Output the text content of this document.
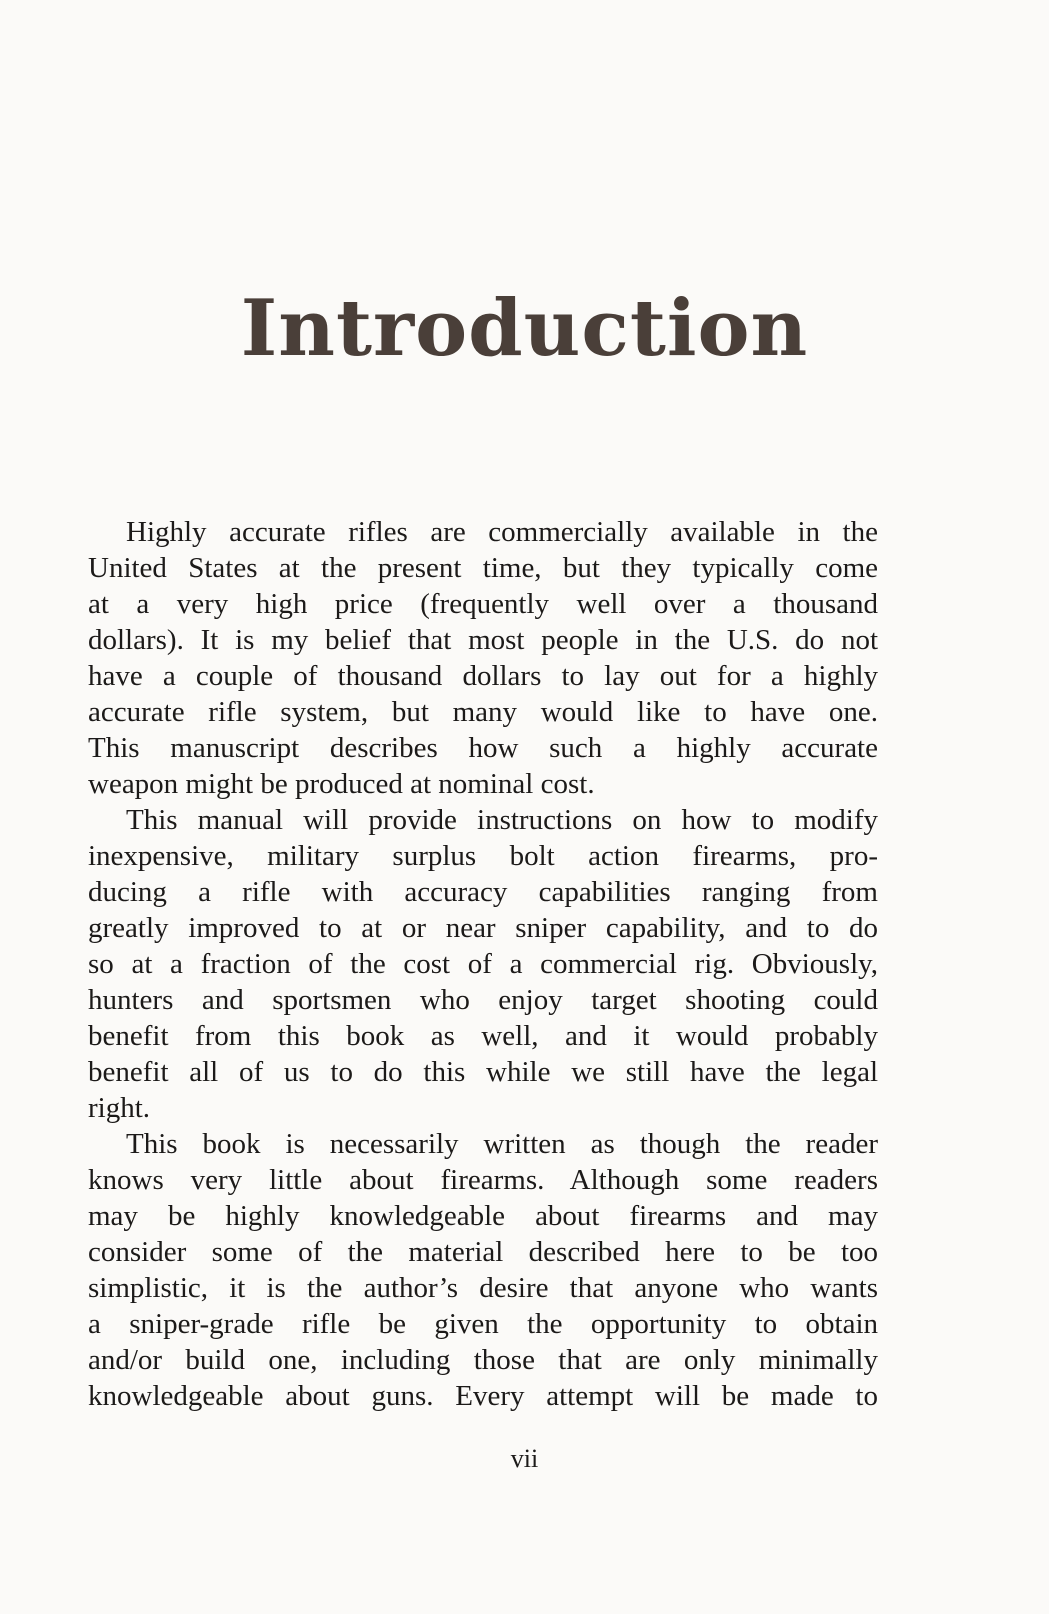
Introduction
Highly accurate rifles are commercially available in the
United States at the present time, but they typically come
at a very high price (frequently well over a thousand
dollars). It is my belief that most people in the U.S. do not
have a couple of thousand dollars to lay out for a highly
accurate rifle system, but many would like to have one.
This manuscript describes how such a highly accurate
weapon might be produced at nominal cost.
This manual will provide instructions on how to modify
inexpensive, military surplus bolt action firearms, pro-
ducing a rifle with accuracy capabilities ranging from
greatly improved to at or near sniper capability, and to do
so at a fraction of the cost of a commercial rig. Obviously,
hunters and sportsmen who enjoy target shooting could
benefit from this book as well, and it would probably
benefit all of us to do this while we still have the legal
right.
This book is necessarily written as though the reader
knows very little about firearms. Although some readers
may be highly knowledgeable about firearms and may
consider some of the material described here to be too
simplistic, it is the author’s desire that anyone who wants
a sniper-grade rifle be given the opportunity to obtain
and/or build one, including those that are only minimally
knowledgeable about guns. Every attempt will be made to
vii
